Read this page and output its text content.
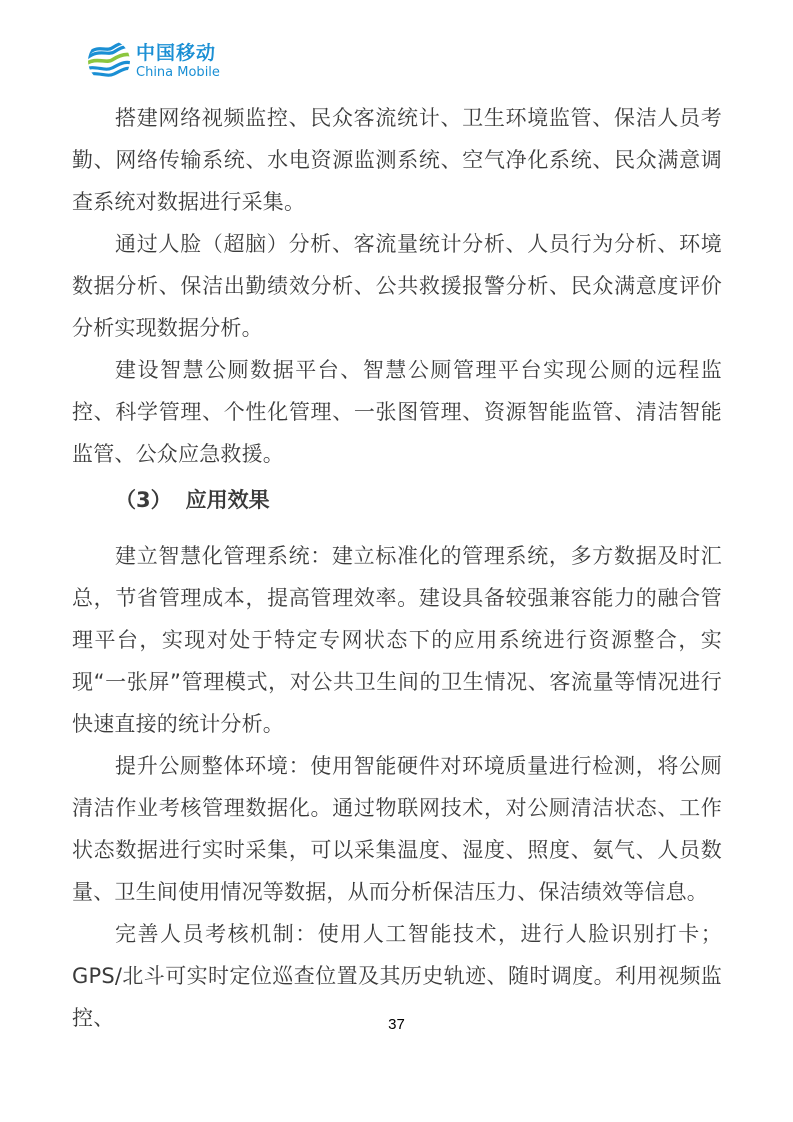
中国移动
China Mobile

搭建网络视频监控、民众客流统计、卫生环境监管、保洁人员考勤、网络传输系统、水电资源监测系统、空气净化系统、民众满意调查系统对数据进行采集。

通过人脸（超脑）分析、客流量统计分析、人员行为分析、环境数据分析、保洁出勤绩效分析、公共救援报警分析、民众满意度评价分析实现数据分析。

建设智慧公厕数据平台、智慧公厕管理平台实现公厕的远程监控、科学管理、个性化管理、一张图管理、资源智能监管、清洁智能监管、公众应急救援。

（3） 应用效果

建立智慧化管理系统：建立标准化的管理系统，多方数据及时汇总，节省管理成本，提高管理效率。建设具备较强兼容能力的融合管理平台，实现对处于特定专网状态下的应用系统进行资源整合，实现“一张屏”管理模式，对公共卫生间的卫生情况、客流量等情况进行快速直接的统计分析。

提升公厕整体环境：使用智能硬件对环境质量进行检测，将公厕清洁作业考核管理数据化。通过物联网技术，对公厕清洁状态、工作状态数据进行实时采集，可以采集温度、湿度、照度、氨气、人员数量、卫生间使用情况等数据，从而分析保洁压力、保洁绩效等信息。

完善人员考核机制：使用人工智能技术，进行人脸识别打卡；GPS/北斗可实时定位巡查位置及其历史轨迹、随时调度。利用视频监控、	37
